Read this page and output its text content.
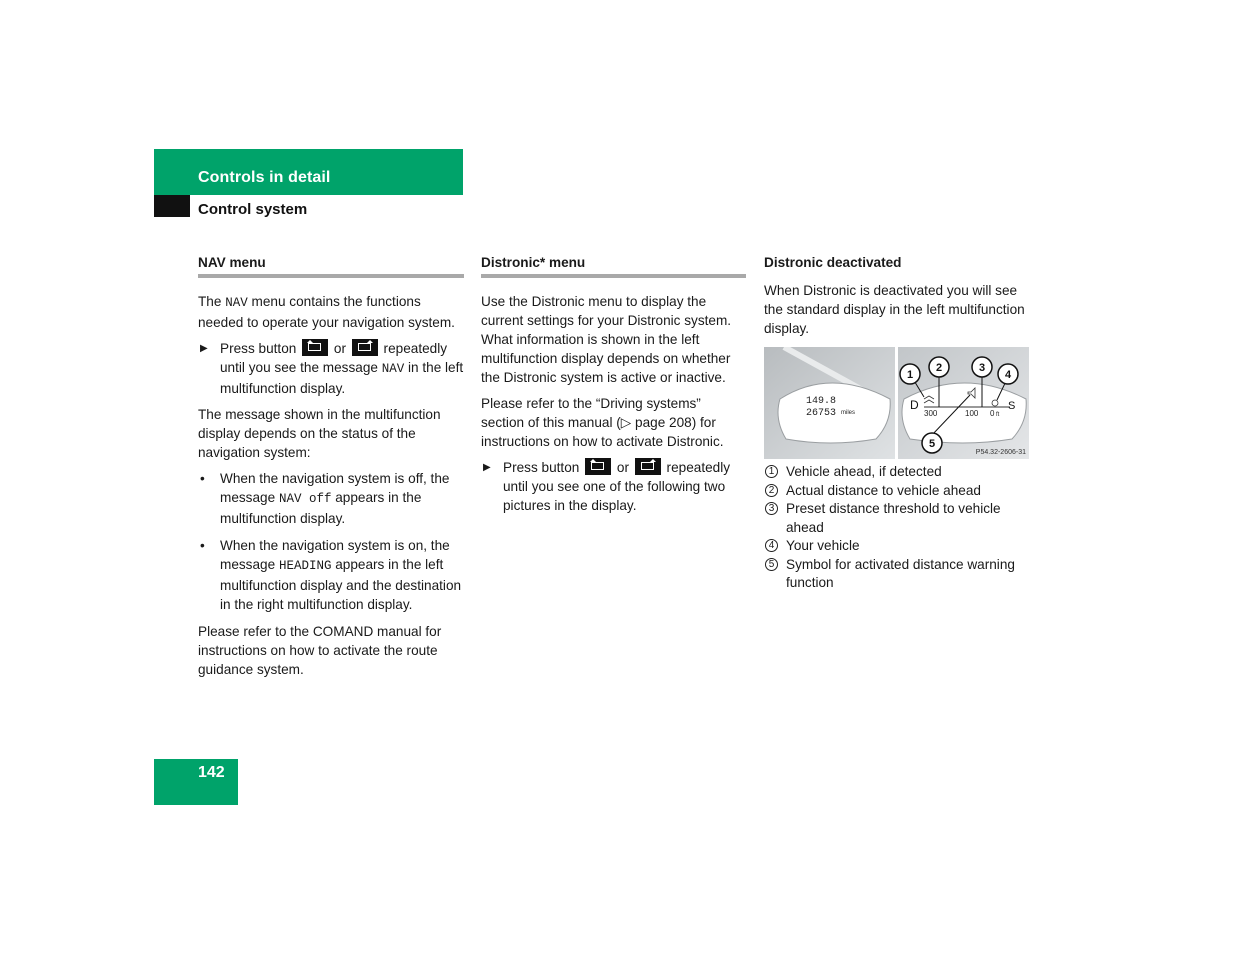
Controls in detail
Control system
NAV menu

The NAV menu contains the functions needed to operate your navigation system.

▶ Press button	or	repeatedly until you see the message NAV in the left multifunction display.

The message shown in the multifunction display depends on the status of the navigation system:

• When the navigation system is off, the message NAV off appears in the multifunction display.
• When the navigation system is on, the message HEADING appears in the left multifunction display and the destination in the right multifunction display.

Please refer to the COMAND manual for instructions on how to activate the route guidance system.

Distronic* menu

Use the Distronic menu to display the current settings for your Distronic system. What information is shown in the left multifunction display depends on whether the Distronic system is active or inactive.

Please refer to the “Driving systems” section of this manual (▷ page 208) for instructions on how to activate Distronic.

▶ Press button	or	repeatedly until you see one of the following two pictures in the display.
Distronic deactivated

When Distronic is deactivated you will see the standard display in the left multifunction display.

149.8
26753 miles
D
300	100 0 ft
S
1
2	3
4
5
P54.32-2606-31
1 Vehicle ahead, if detected
2 Actual distance to vehicle ahead
3 Preset distance threshold to vehicle ahead
4 Your vehicle
5 Symbol for activated distance warning function
142
